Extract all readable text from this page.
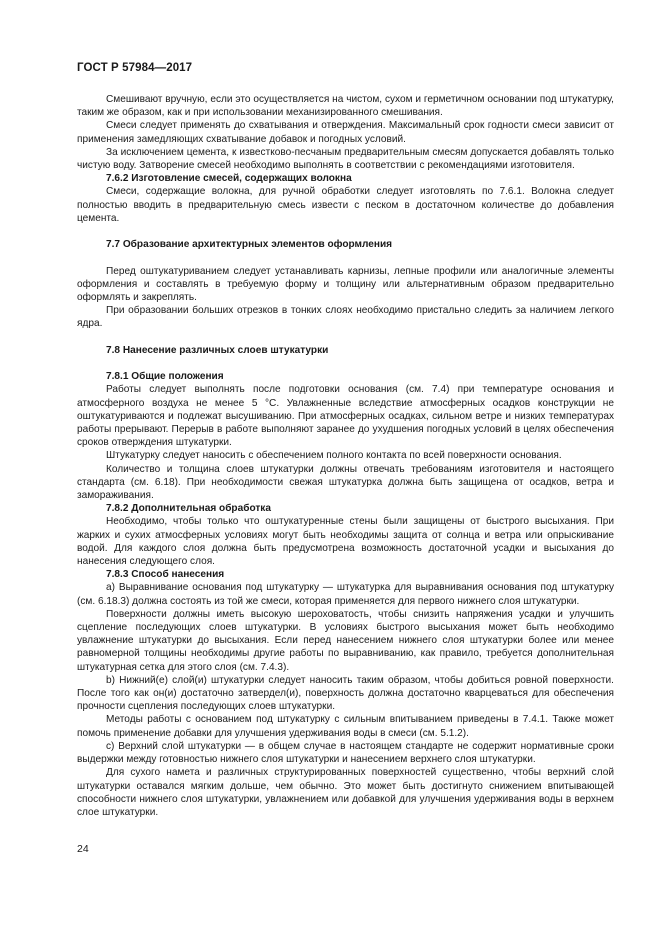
ГОСТ Р 57984—2017

Смешивают вручную, если это осуществляется на чистом, сухом и герметичном основании под штукатурку, таким же образом, как и при использовании механизированного смешивания.

Смеси следует применять до схватывания и отверждения. Максимальный срок годности смеси зависит от применения замедляющих схватывание добавок и погодных условий.

За исключением цемента, к известково-песчаным предварительным смесям допускается добавлять только чистую воду. Затворение смесей необходимо выполнять в соответствии с рекомендациями изготовителя.

7.6.2 Изготовление смесей, содержащих волокна

Смеси, содержащие волокна, для ручной обработки следует изготовлять по 7.6.1. Волокна следует полностью вводить в предварительную смесь извести с песком в достаточном количестве до добавления цемента.

7.7 Образование архитектурных элементов оформления

Перед оштукатуриванием следует устанавливать карнизы, лепные профили или аналогичные элементы оформления и составлять в требуемую форму и толщину или альтернативным образом предварительно оформлять и закреплять.

При образовании больших отрезков в тонких слоях необходимо пристально следить за наличием легкого ядра.

7.8 Нанесение различных слоев штукатурки

7.8.1 Общие положения

Работы следует выполнять после подготовки основания (см. 7.4) при температуре основания и атмосферного воздуха не менее 5 °С. Увлажненные вследствие атмосферных осадков конструкции не оштукатуриваются и подлежат высушиванию. При атмосферных осадках, сильном ветре и низких температурах работы прерывают. Перерыв в работе выполняют заранее до ухудшения погодных условий в целях обеспечения сроков отверждения штукатурки.

Штукатурку следует наносить с обеспечением полного контакта по всей поверхности основания.

Количество и толщина слоев штукатурки должны отвечать требованиям изготовителя и настоящего стандарта (см. 6.18). При необходимости свежая штукатурка должна быть защищена от осадков, ветра и замораживания.

7.8.2 Дополнительная обработка

Необходимо, чтобы только что оштукатуренные стены были защищены от быстрого высыхания. При жарких и сухих атмосферных условиях могут быть необходимы защита от солнца и ветра или опрыскивание водой. Для каждого слоя должна быть предусмотрена возможность достаточной усадки и высыхания до нанесения следующего слоя.

7.8.3 Способ нанесения

а) Выравнивание основания под штукатурку — штукатурка для выравнивания основания под штукатурку (см. 6.18.3) должна состоять из той же смеси, которая применяется для первого нижнего слоя штукатурки.

Поверхности должны иметь высокую шероховатость, чтобы снизить напряжения усадки и улучшить сцепление последующих слоев штукатурки. В условиях быстрого высыхания может быть необходимо увлажнение штукатурки до высыхания. Если перед нанесением нижнего слоя штукатурки более или менее равномерной толщины необходимы другие работы по выравниванию, как правило, требуется дополнительная штукатурная сетка для этого слоя (см. 7.4.3).

b) Нижний(е) слой(и) штукатурки следует наносить таким образом, чтобы добиться ровной поверхности. После того как он(и) достаточно затвердел(и), поверхность должна достаточно кварцеваться для обеспечения прочности сцепления последующих слоев штукатурки.

Методы работы с основанием под штукатурку с сильным впитыванием приведены в 7.4.1. Также может помочь применение добавки для улучшения удерживания воды в смеси (см. 5.1.2).

с) Верхний слой штукатурки — в общем случае в настоящем стандарте не содержит нормативные сроки выдержки между готовностью нижнего слоя штукатурки и нанесением верхнего слоя штукатурки.

Для сухого намета и различных структурированных поверхностей существенно, чтобы верхний слой штукатурки оставался мягким дольше, чем обычно. Это может быть достигнуто снижением впитывающей способности нижнего слоя штукатурки, увлажнением или добавкой для улучшения удерживания воды в верхнем слое штукатурки.

24
